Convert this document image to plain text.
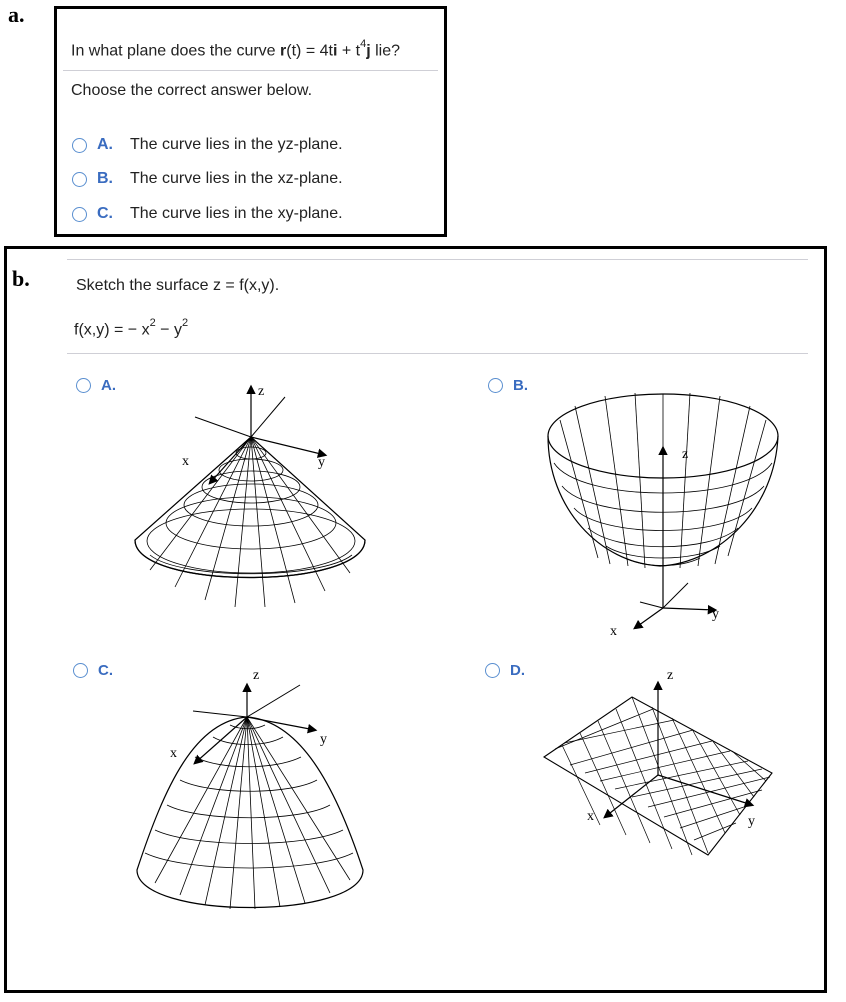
a.
In what plane does the curve $r(t) = 4ti + t^4j$ lie?
Choose the correct answer below.
A.	The curve lies in the yz-plane.
B.	The curve lies in the xz-plane.
C.	The curve lies in the xy-plane.
Sketch the surface z = f(x,y).
f(x,y) = − $x^2 - y^2$
b.
A.	B.
C.	D.
z
x	y
z
x
y
z
x
y
z
x	y
